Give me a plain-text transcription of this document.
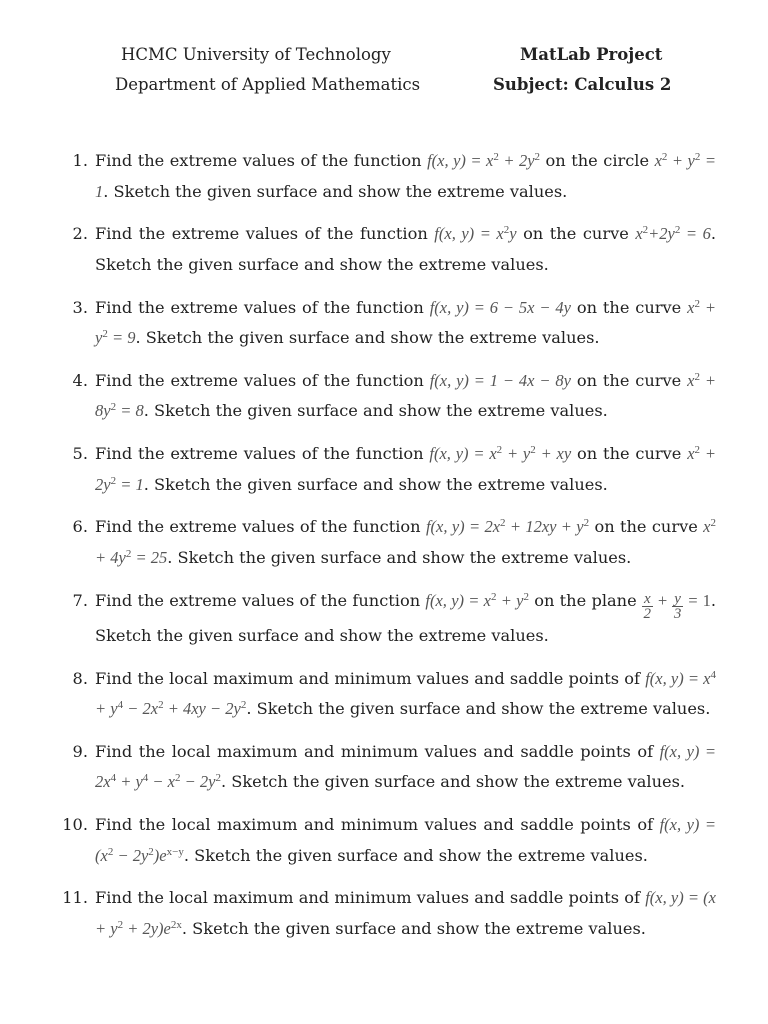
HCMC University of Technology
Department of Applied Mathematics
MatLab Project
Subject: Calculus 2
1. Find the extreme values of the function f(x, $y) = x^2 + 2y^2$ on the circle $x^2 + y^2 = 1$. Sketch the given surface and show the extreme values.
2. Find the extreme values of the function f(x, $y) = x^2y$ on the curve $x^2+2y^2 = 6$. Sketch the given surface and show the extreme values.
3. Find the extreme values of the function f(x, y) = 6 − 5x − 4y on the curve $x^2 + y^2 = 9$. Sketch the given surface and show the extreme values.
4. Find the extreme values of the function f(x, y) = 1 − 4x − 8y on the curve $x^2 + 8y^2 = 8$. Sketch the given surface and show the extreme values.
5. Find the extreme values of the function f(x, $y) = x^2 + y^2$ + xy on the curve $x^2 + 2y^2 = 1$. Sketch the given surface and show the extreme values.
6. Find the extreme values of the function f(x, $y) = 2x^2 + 12xy + y^2$ on the curve $x^2 + 4y^2 = 25$. Sketch the given surface and show the extreme values.
7. Find the extreme values of the function f(x, $y) = x^2 + y^2$ on the plane $\frac{x}{2} + \frac{y}{3} = 1$. Sketch the given surface and show the extreme values.
8. Find the local maximum and minimum values and saddle points of f(x, $y) = x^4 + y^4 - 2x^2 + 4xy - 2y^2$. Sketch the given surface and show the extreme values.
9. Find the local maximum and minimum values and saddle points of f(x, $y) = 2x^4 + y^4 - x^2 - 2y^2$. Sketch the given surface and show the extreme values.
10. Find the local maximum and minimum values and saddle points of f(x, $y) = (x^2 - 2y^2)e^{x-y}$. Sketch the given surface and show the extreme values.
11. Find the local maximum and minimum values and saddle points of f(x, $y) = (x + y^2 + 2y)e^{2x}$. Sketch the given surface and show the extreme values.
